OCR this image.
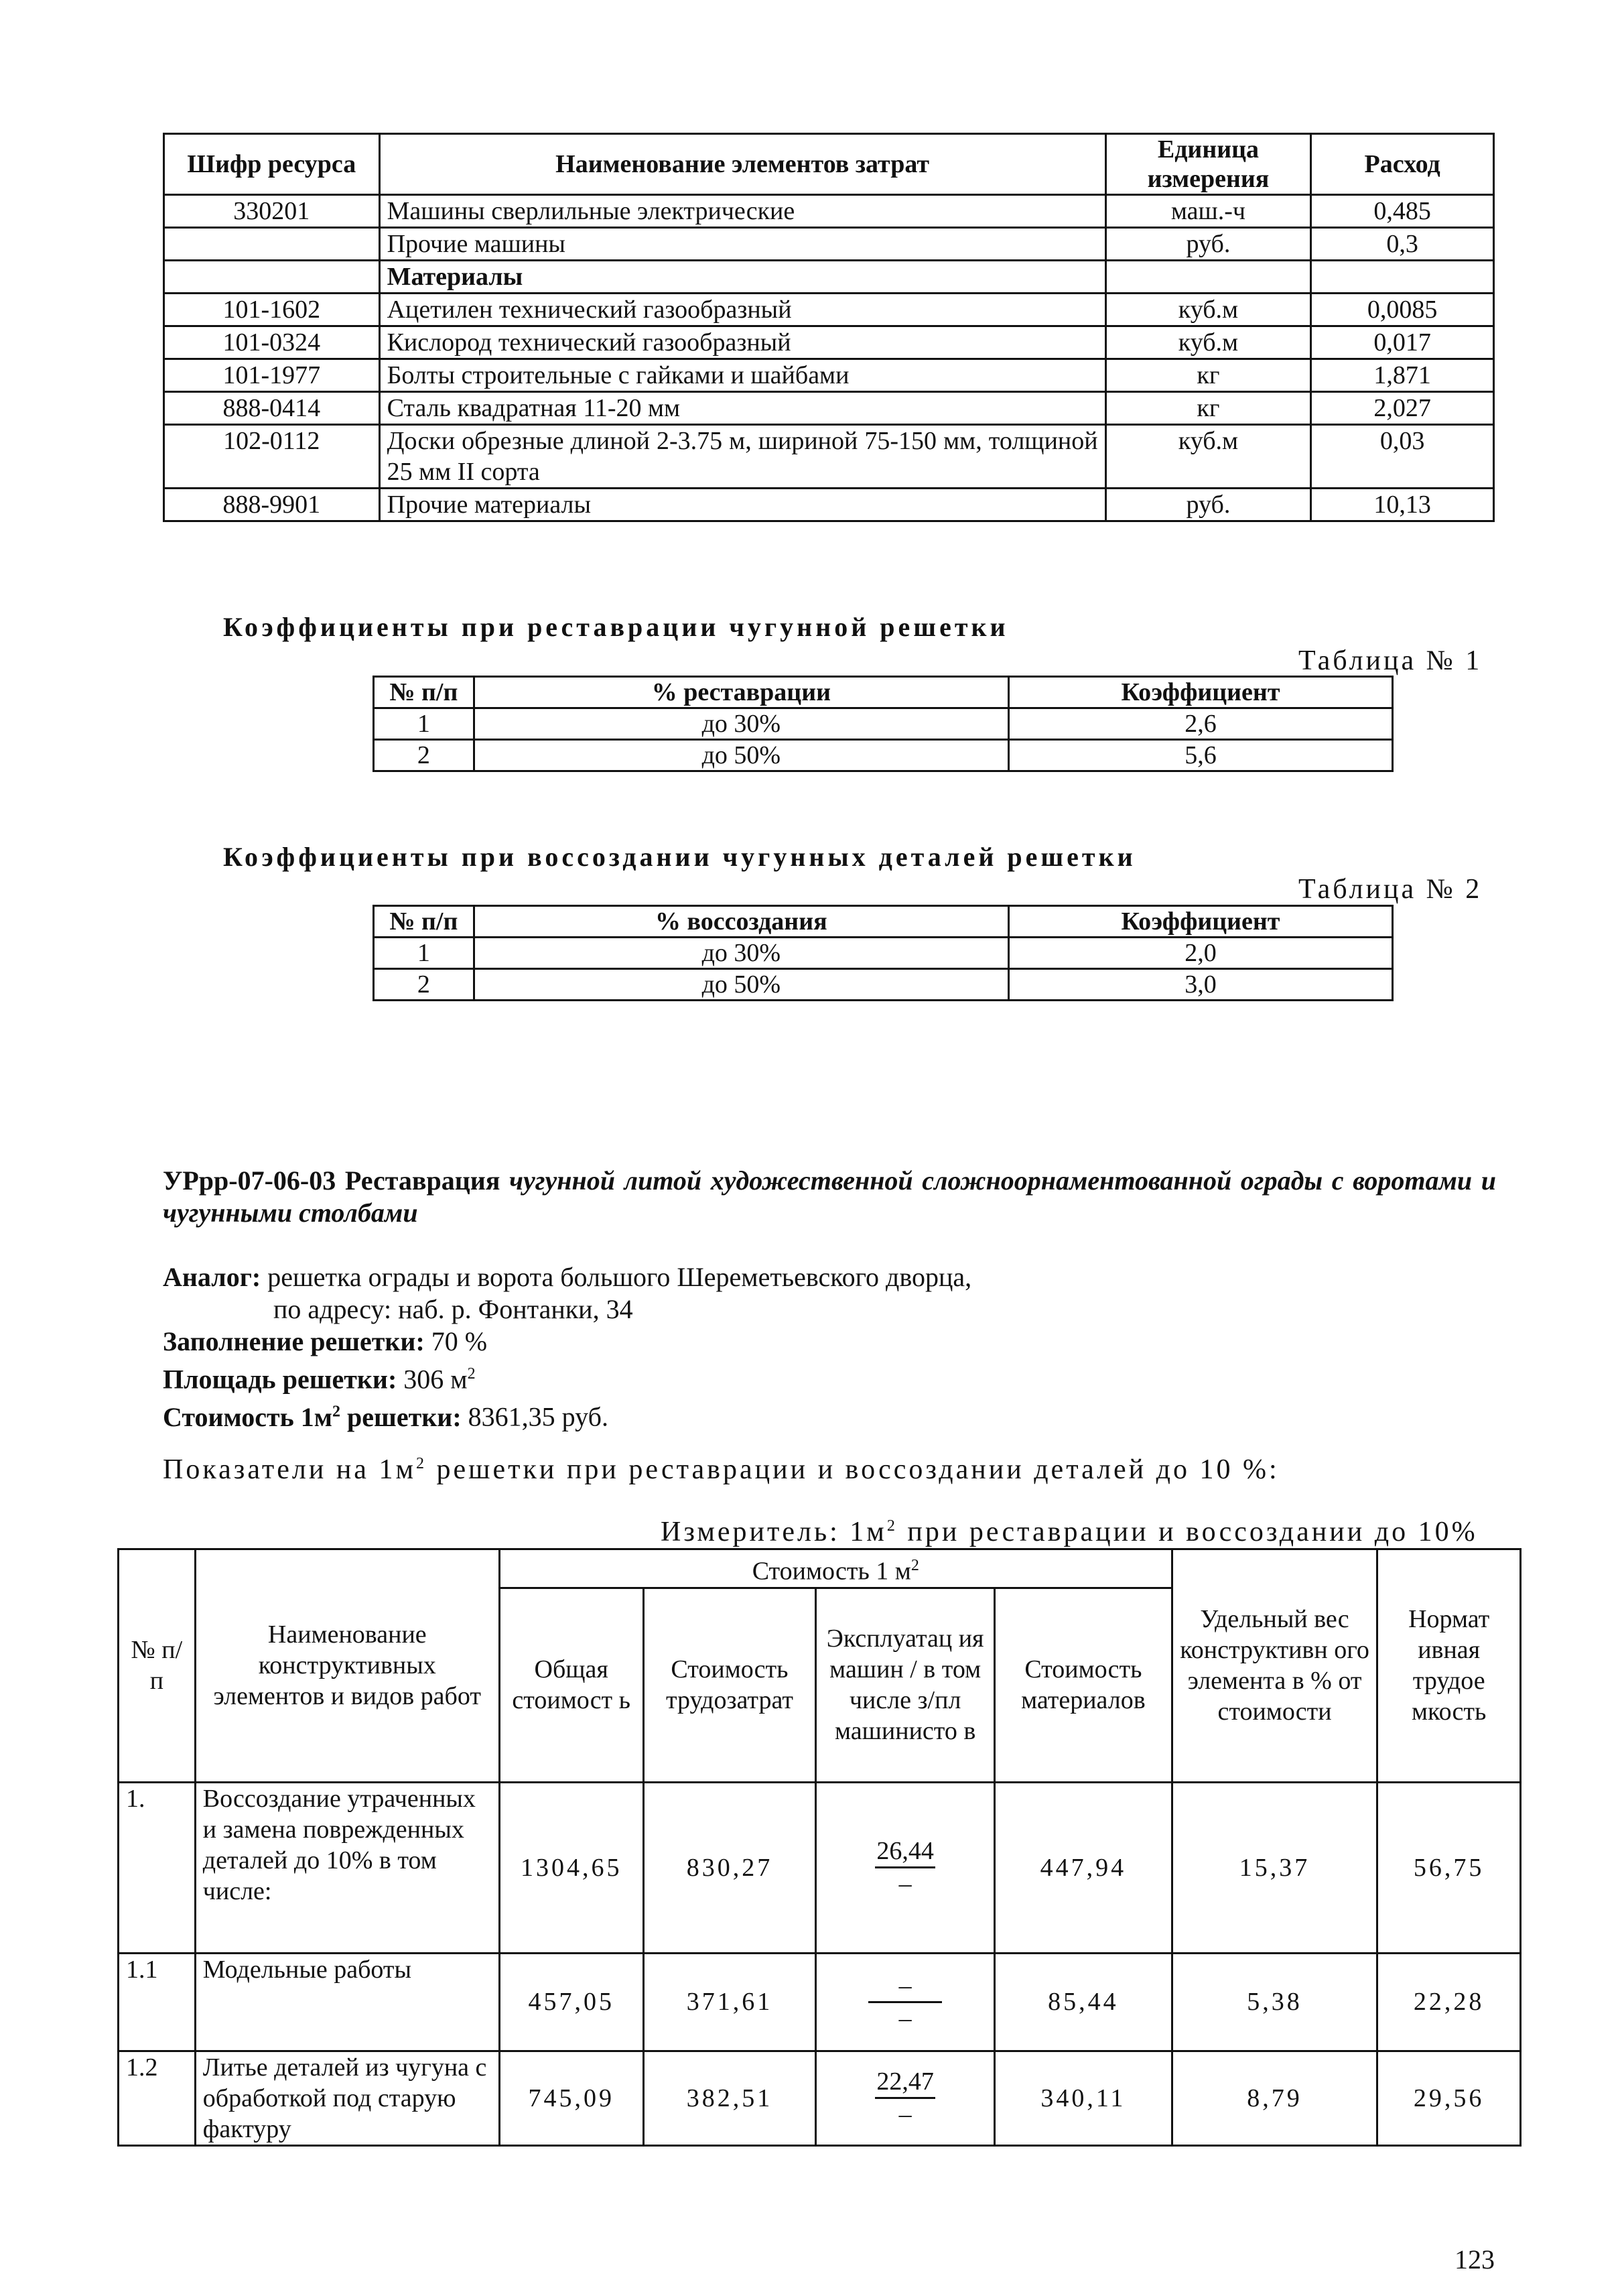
Шифр ресурса	Наименование элементов затрат	Единица измерения	Расход
330201	Машины сверлильные электрические	маш.-ч	0,485
	Прочие машины	руб.	0,3
	Материалы		
101-1602	Ацетилен технический газообразный	куб.м	0,0085
101-0324	Кислород технический газообразный	куб.м	0,017
101-1977	Болты строительные с гайками и шайбами	кг	1,871
888-0414	Сталь квадратная 11-20 мм	кг	2,027
102-0112	Доски обрезные длиной 2-3.75 м, шириной 75-150 мм, толщиной 25 мм II сорта	куб.м	0,03
888-9901	Прочие материалы	руб.	10,13
Коэффициенты при реставрации чугунной решетки
Таблица № 1
№ п/п	% реставрации	Коэффициент
1	до 30%	2,6
2	до 50%	5,6
Коэффициенты при воссоздании чугунных деталей решетки
Таблица № 2
№ п/п	% воссоздания	Коэффициент
1	до 30%	2,0
2	до 50%	3,0
УРрр-07-06-03 Реставрация чугунной литой художественной сложноорнаментованной ограды с воротами и чугунными столбами
Аналог: решетка ограды и ворота большого Шереметьевского дворца,
по адресу: наб. р. Фонтанки, 34
Заполнение решетки: 70 %
Площадь решетки: 306 $м^2$
Стоимость $1м^2$ решетки: 8361,35 руб.
Показатели на $1м^2$ решетки при реставрации и воссоздании деталей до 10 %:
Измеритель: $1м^2$ при реставрации и воссоздании до 10%
№ п/п	Наименование конструктивных элементов и видов работ	Стоимость 1 $м^2$				Удельный вес конструктивн ого элемента в % от стоимости	Нормат ивная трудое мкость
		Общая стоимост ь	Стоимость трудозатрат	Эксплуатац ия машин / в том числе з/пл машинисто в	Стоимость материалов		
1.	Воссоздание утраченных и замена поврежденных деталей до 10% в том числе:	1304,65	830,27	$\frac{26,44}{-}$	447,94	15,37	56,75
1.1	Модельные работы	457,05	371,61	$\frac{-}{-}$	85,44	5,38	22,28
1.2	Литье деталей из чугуна с обработкой под старую фактуру	745,09	382,51	$\frac{22,47}{-}$	340,11	8,79	29,56
123
